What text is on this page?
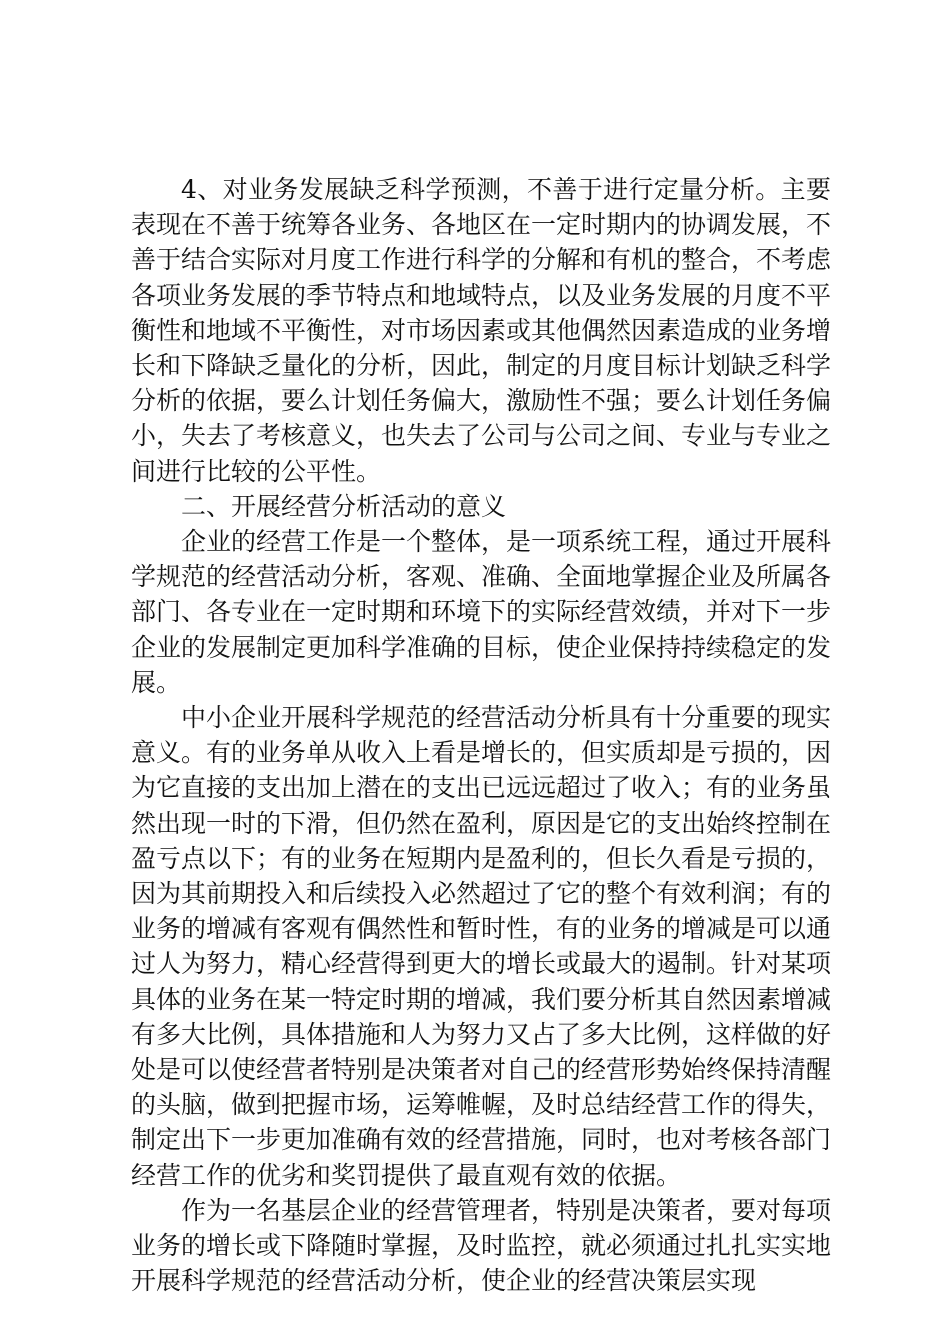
4、对业务发展缺乏科学预测，不善于进行定量分析。主要表现在不善于统筹各业务、各地区在一定时期内的协调发展，不善于结合实际对月度工作进行科学的分解和有机的整合，不考虑各项业务发展的季节特点和地域特点，以及业务发展的月度不平衡性和地域不平衡性，对市场因素或其他偶然因素造成的业务增长和下降缺乏量化的分析，因此，制定的月度目标计划缺乏科学分析的依据，要么计划任务偏大，激励性不强；要么计划任务偏小，失去了考核意义，也失去了公司与公司之间、专业与专业之间进行比较的公平性。

二、开展经营分析活动的意义

企业的经营工作是一个整体，是一项系统工程，通过开展科学规范的经营活动分析，客观、准确、全面地掌握企业及所属各部门、各专业在一定时期和环境下的实际经营效绩，并对下一步企业的发展制定更加科学准确的目标，使企业保持持续稳定的发展。

中小企业开展科学规范的经营活动分析具有十分重要的现实意义。有的业务单从收入上看是增长的，但实质却是亏损的，因为它直接的支出加上潜在的支出已远远超过了收入；有的业务虽然出现一时的下滑，但仍然在盈利，原因是它的支出始终控制在盈亏点以下；有的业务在短期内是盈利的，但长久看是亏损的，因为其前期投入和后续投入必然超过了它的整个有效利润；有的业务的增减有客观有偶然性和暂时性，有的业务的增减是可以通过人为努力，精心经营得到更大的增长或最大的遏制。针对某项具体的业务在某一特定时期的增减，我们要分析其自然因素增减有多大比例，具体措施和人为努力又占了多大比例，这样做的好处是可以使经营者特别是决策者对自己的经营形势始终保持清醒的头脑，做到把握市场，运筹帷幄，及时总结经营工作的得失，制定出下一步更加准确有效的经营措施，同时，也对考核各部门经营工作的优劣和奖罚提供了最直观有效的依据。

作为一名基层企业的经营管理者，特别是决策者，要对每项业务的增长或下降随时掌握，及时监控，就必须通过扎扎实实地开展科学规范的经营活动分析，使企业的经营决策层实现
